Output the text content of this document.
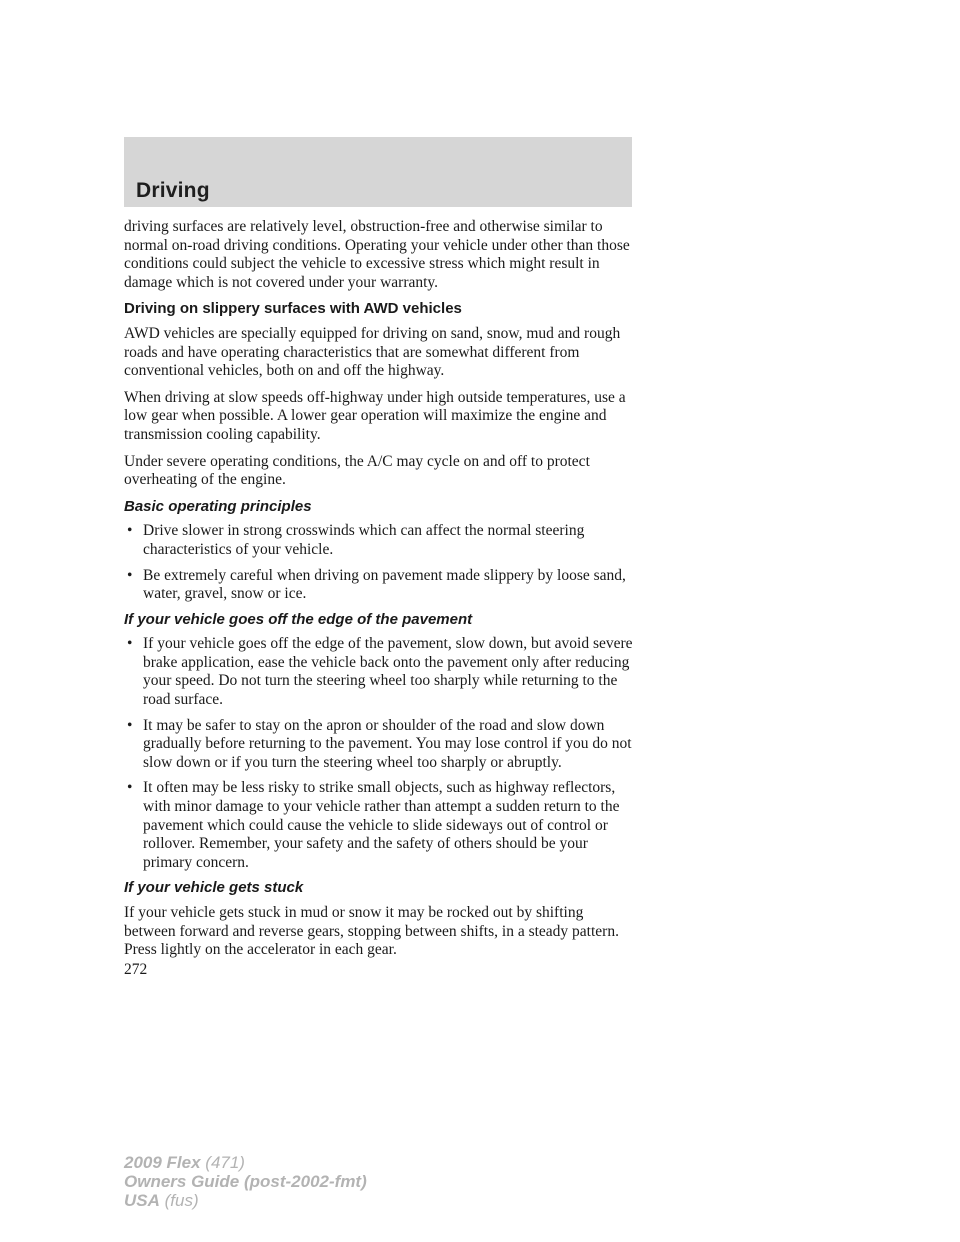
Driving

driving surfaces are relatively level, obstruction-free and otherwise similar to normal on-road driving conditions. Operating your vehicle under other than those conditions could subject the vehicle to excessive stress which might result in damage which is not covered under your warranty.

Driving on slippery surfaces with AWD vehicles

AWD vehicles are specially equipped for driving on sand, snow, mud and rough roads and have operating characteristics that are somewhat different from conventional vehicles, both on and off the highway.

When driving at slow speeds off-highway under high outside temperatures, use a low gear when possible. A lower gear operation will maximize the engine and transmission cooling capability.

Under severe operating conditions, the A/C may cycle on and off to protect overheating of the engine.

Basic operating principles
• Drive slower in strong crosswinds which can affect the normal steering characteristics of your vehicle.
• Be extremely careful when driving on pavement made slippery by loose sand, water, gravel, snow or ice.
If your vehicle goes off the edge of the pavement
• If your vehicle goes off the edge of the pavement, slow down, but avoid severe brake application, ease the vehicle back onto the pavement only after reducing your speed. Do not turn the steering wheel too sharply while returning to the road surface.
• It may be safer to stay on the apron or shoulder of the road and slow down gradually before returning to the pavement. You may lose control if you do not slow down or if you turn the steering wheel too sharply or abruptly.
• It often may be less risky to strike small objects, such as highway reflectors, with minor damage to your vehicle rather than attempt a sudden return to the pavement which could cause the vehicle to slide sideways out of control or rollover. Remember, your safety and the safety of others should be your primary concern.
If your vehicle gets stuck

If your vehicle gets stuck in mud or snow it may be rocked out by shifting between forward and reverse gears, stopping between shifts, in a steady pattern. Press lightly on the accelerator in each gear.

272
2009 Flex (471)
Owners Guide (post-2002-fmt)
USA (fus)
